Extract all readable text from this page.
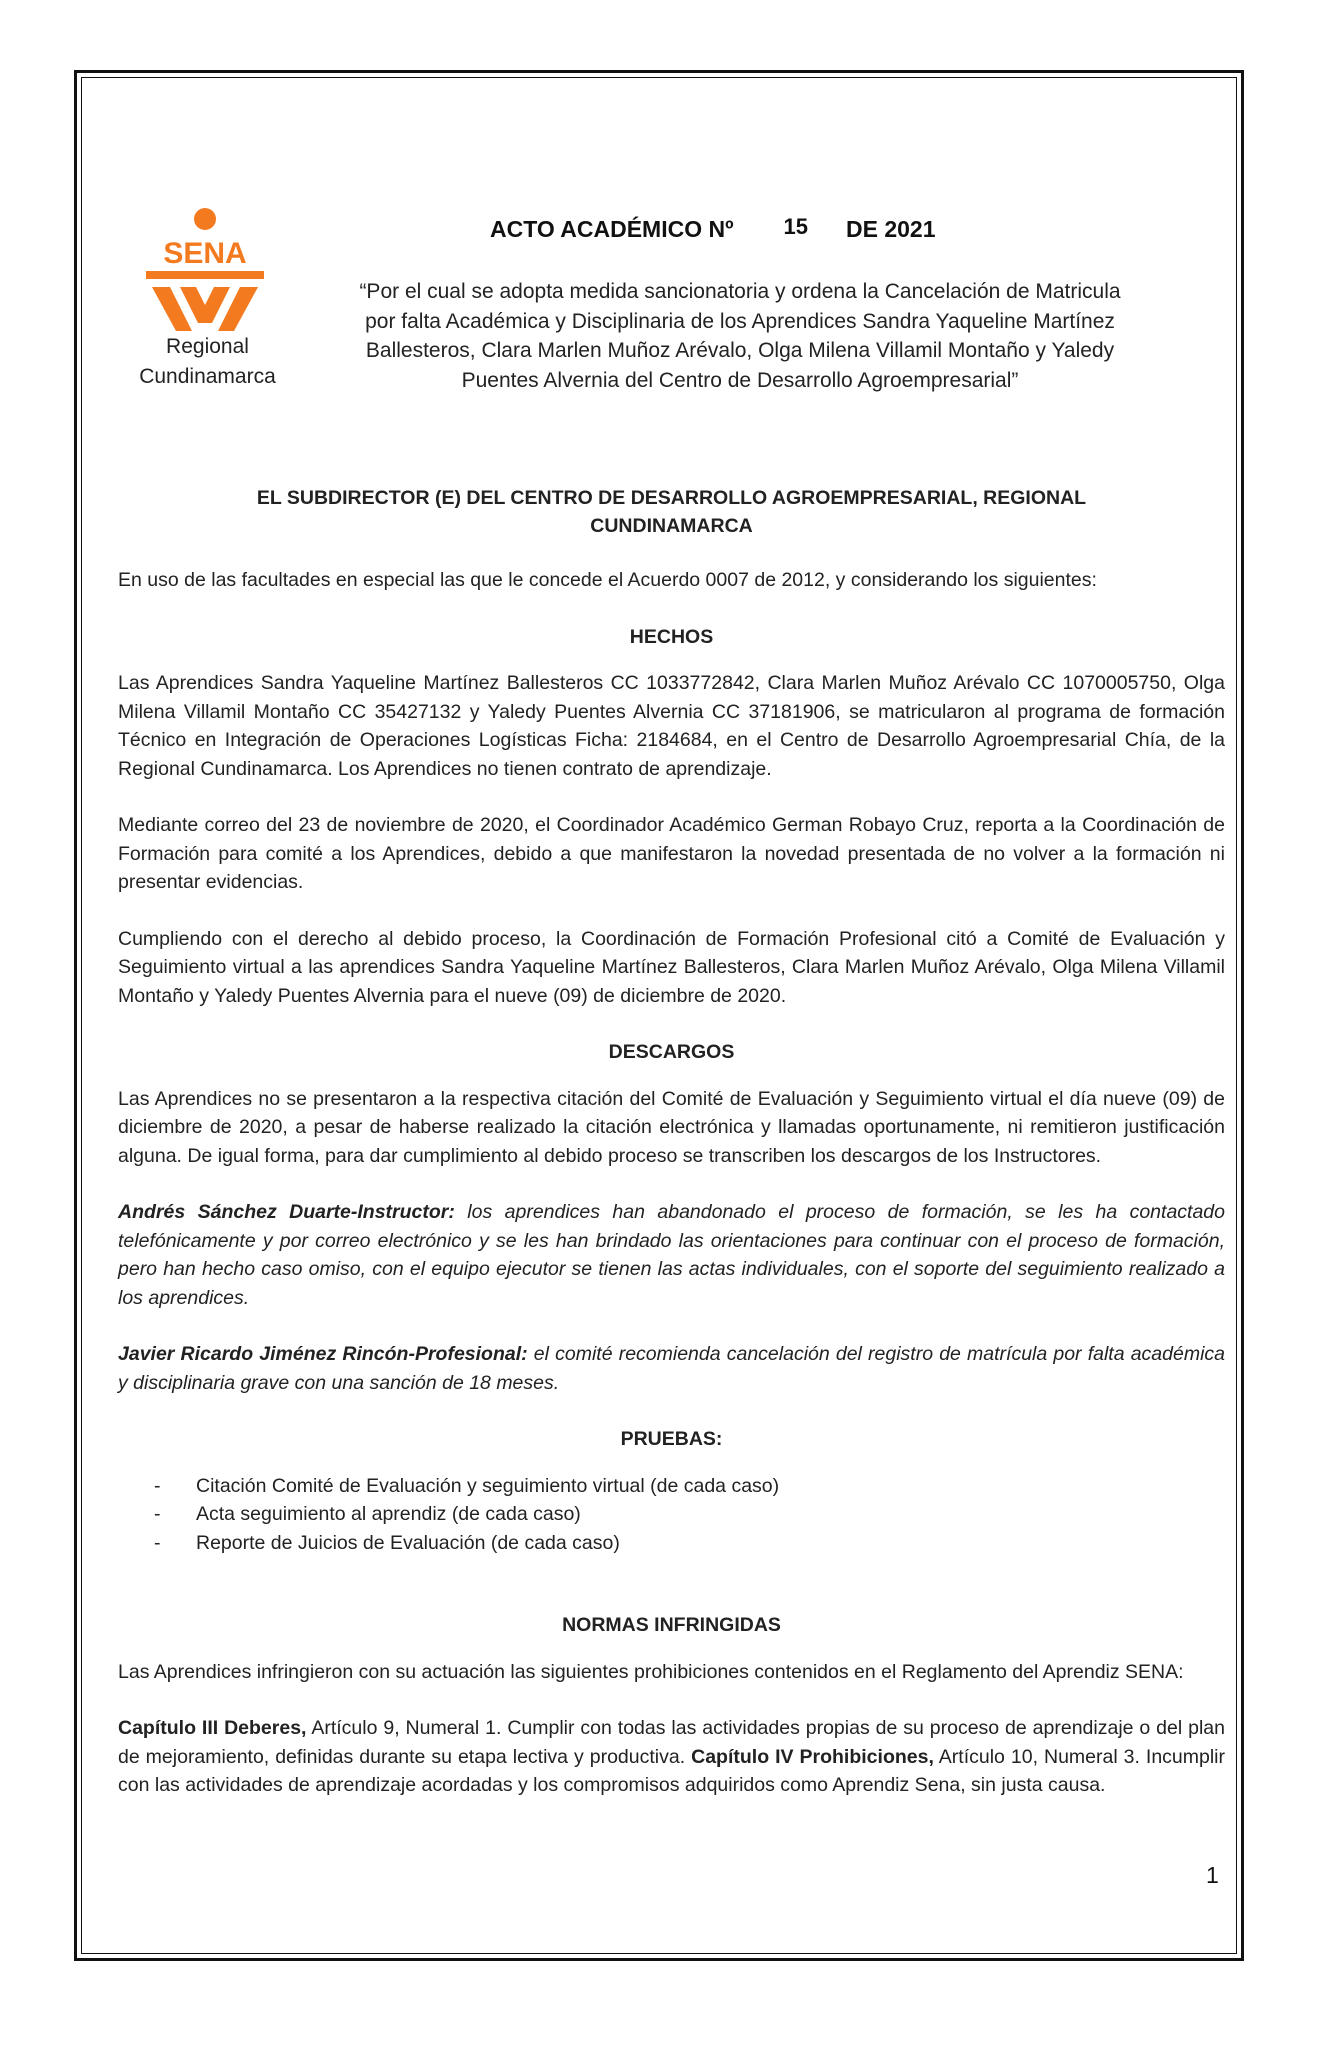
SENA
Regional
Cundinamarca
ACTO ACADÉMICO Nº 15 DE 2021
“Por el cual se adopta medida sancionatoria y ordena la Cancelación de Matricula por falta Académica y Disciplinaria de los Aprendices Sandra Yaqueline Martínez Ballesteros, Clara Marlen Muñoz Arévalo, Olga Milena Villamil Montaño y Yaledy Puentes Alvernia del Centro de Desarrollo Agroempresarial”
EL SUBDIRECTOR (E) DEL CENTRO DE DESARROLLO AGROEMPRESARIAL, REGIONAL
CUNDINAMARCA

En uso de las facultades en especial las que le concede el Acuerdo 0007 de 2012, y considerando los siguientes:

HECHOS

Las Aprendices Sandra Yaqueline Martínez Ballesteros CC 1033772842, Clara Marlen Muñoz Arévalo CC 1070005750, Olga Milena Villamil Montaño CC 35427132 y Yaledy Puentes Alvernia CC 37181906, se matricularon al programa de formación Técnico en Integración de Operaciones Logísticas Ficha: 2184684, en el Centro de Desarrollo Agroempresarial Chía, de la Regional Cundinamarca. Los Aprendices no tienen contrato de aprendizaje.

Mediante correo del 23 de noviembre de 2020, el Coordinador Académico German Robayo Cruz, reporta a la Coordinación de Formación para comité a los Aprendices, debido a que manifestaron la novedad presentada de no volver a la formación ni presentar evidencias.

Cumpliendo con el derecho al debido proceso, la Coordinación de Formación Profesional citó a Comité de Evaluación y Seguimiento virtual a las aprendices Sandra Yaqueline Martínez Ballesteros, Clara Marlen Muñoz Arévalo, Olga Milena Villamil Montaño y Yaledy Puentes Alvernia para el nueve (09) de diciembre de 2020.

DESCARGOS

Las Aprendices no se presentaron a la respectiva citación del Comité de Evaluación y Seguimiento virtual el día nueve (09) de diciembre de 2020, a pesar de haberse realizado la citación electrónica y llamadas oportunamente, ni remitieron justificación alguna. De igual forma, para dar cumplimiento al debido proceso se transcriben los descargos de los Instructores.

Andrés Sánchez Duarte-Instructor: los aprendices han abandonado el proceso de formación, se les ha contactado telefónicamente y por correo electrónico y se les han brindado las orientaciones para continuar con el proceso de formación, pero han hecho caso omiso, con el equipo ejecutor se tienen las actas individuales, con el soporte del seguimiento realizado a los aprendices.

Javier Ricardo Jiménez Rincón-Profesional: el comité recomienda cancelación del registro de matrícula por falta académica y disciplinaria grave con una sanción de 18 meses.

PRUEBAS:
- Citación Comité de Evaluación y seguimiento virtual (de cada caso)
- Acta seguimiento al aprendiz (de cada caso)
- Reporte de Juicios de Evaluación (de cada caso)
NORMAS INFRINGIDAS

Las Aprendices infringieron con su actuación las siguientes prohibiciones contenidos en el Reglamento del Aprendiz SENA:

Capítulo III Deberes, Artículo 9, Numeral 1. Cumplir con todas las actividades propias de su proceso de aprendizaje o del plan de mejoramiento, definidas durante su etapa lectiva y productiva. Capítulo IV Prohibiciones, Artículo 10, Numeral 3. Incumplir con las actividades de aprendizaje acordadas y los compromisos adquiridos como Aprendiz Sena, sin justa causa.

1
